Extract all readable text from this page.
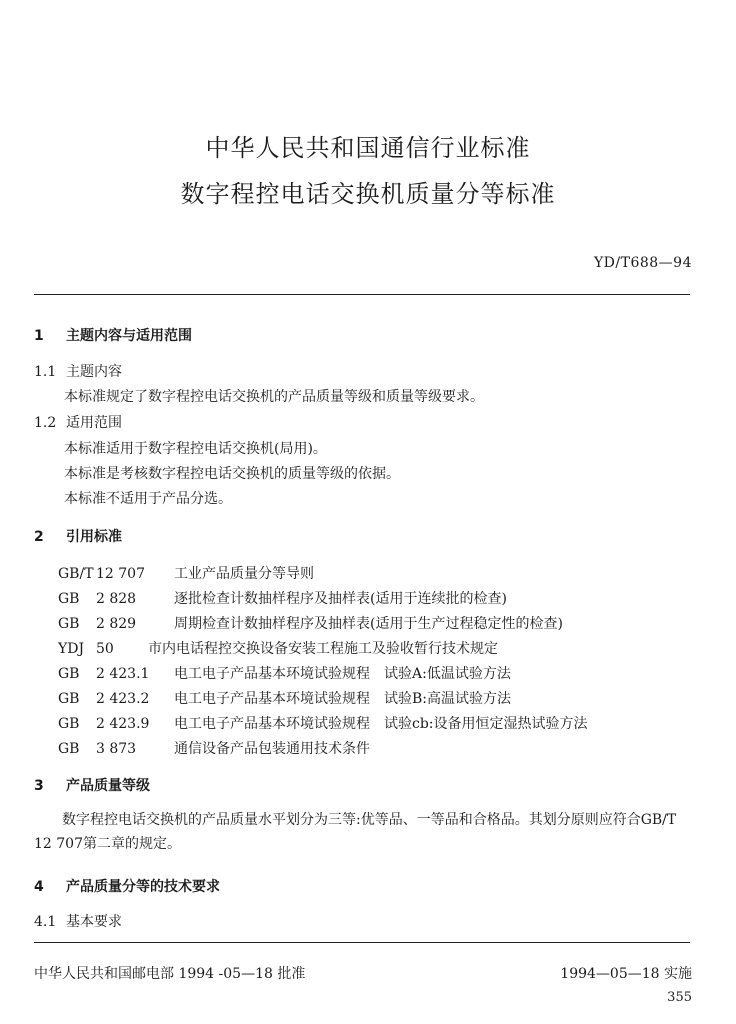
中华人民共和国通信行业标准
数字程控电话交换机质量分等标准
YD/T688—94
1 主题内容与适用范围
1.1 主题内容
本标准规定了数字程控电话交换机的产品质量等级和质量等级要求。
1.2 适用范围
本标准适用于数字程控电话交换机(局用)。
本标准是考核数字程控电话交换机的质量等级的依据。
本标准不适用于产品分选。
2 引用标准
GB/T 12 707 工业产品质量分等导则
GB 2 828	逐批检查计数抽样程序及抽样表(适用于连续批的检查)
GB 2 829	周期检查计数抽样程序及抽样表(适用于生产过程稳定性的检查)
YDJ 50 市内电话程控交换设备安装工程施工及验收暂行技术规定
GB 2 423.1 电工电子产品基本环境试验规程　试验A:低温试验方法
GB 2 423.2 电工电子产品基本环境试验规程　试验B:高温试验方法
GB 2 423.9 电工电子产品基本环境试验规程　试验cb:设备用恒定湿热试验方法
GB 3 873	通信设备产品包装通用技术条件
3 产品质量等级
数字程控电话交换机的产品质量水平划分为三等:优等品、一等品和合格品。其划分原则应符合GB/T　12 707第二章的规定。
4 产品质量分等的技术要求
4.1 基本要求
中华人民共和国邮电部 1994 -05—18 批准	1994—05—18 实施
355
